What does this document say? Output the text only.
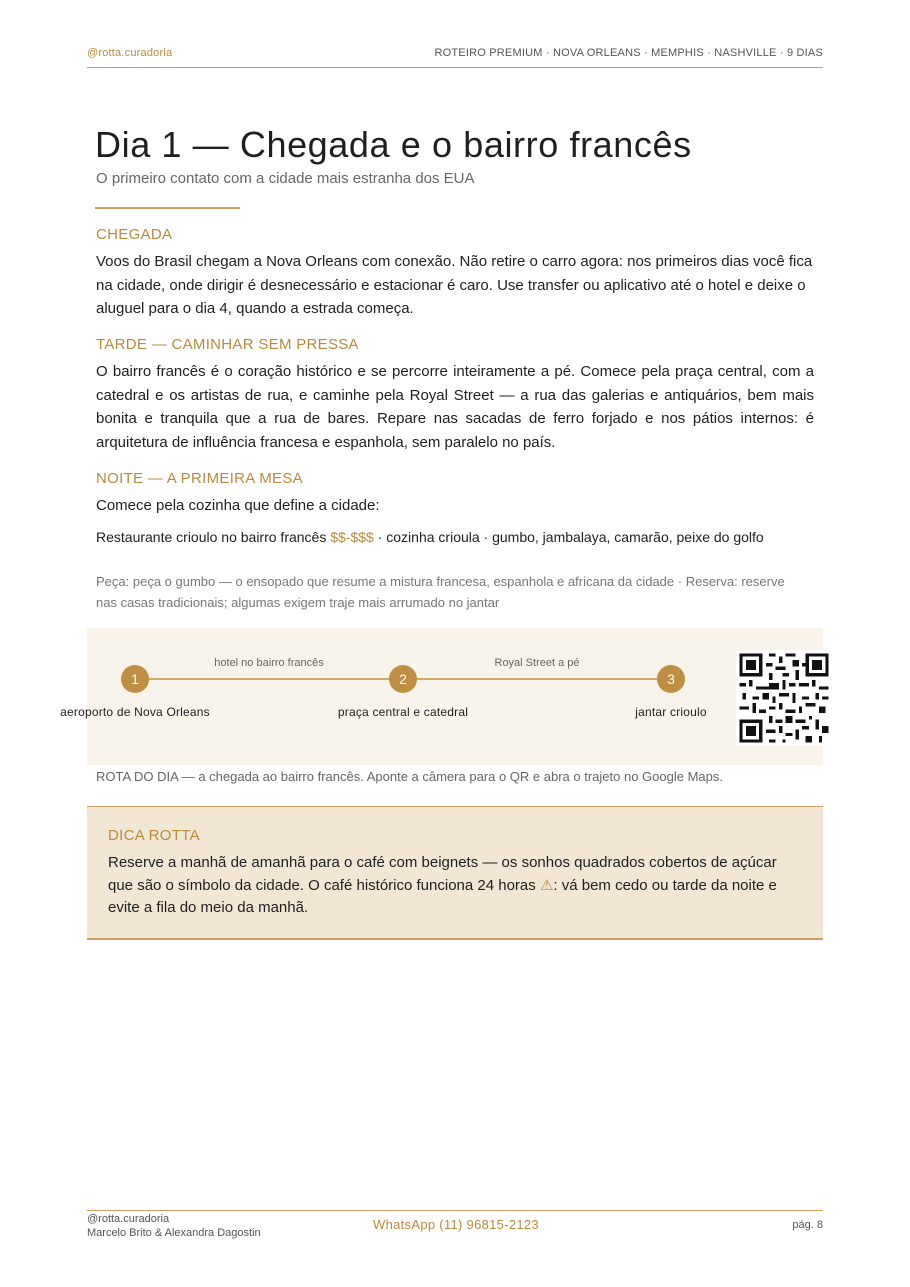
@rotta.curadoria	ROTEIRO PREMIUM · NOVA ORLEANS · MEMPHIS · NASHVILLE · 9 DIAS
Dia 1 — Chegada e o bairro francês

O primeiro contato com a cidade mais estranha dos EUA

CHEGADA

Voos do Brasil chegam a Nova Orleans com conexão. Não retire o carro agora: nos primeiros dias você fica na cidade, onde dirigir é desnecessário e estacionar é caro. Use transfer ou aplicativo até o hotel e deixe o aluguel para o dia 4, quando a estrada começa.

TARDE — CAMINHAR SEM PRESSA

O bairro francês é o coração histórico e se percorre inteiramente a pé. Comece pela praça central, com a catedral e os artistas de rua, e caminhe pela Royal Street — a rua das galerias e antiquários, bem mais bonita e tranquila que a rua de bares. Repare nas sacadas de ferro forjado e nos pátios internos: é arquitetura de influência francesa e espanhola, sem paralelo no país.

NOITE — A PRIMEIRA MESA

Comece pela cozinha que define a cidade:

Restaurante crioulo no bairro francês $$-$$$ · cozinha crioula · gumbo, jambalaya, camarão, peixe do golfo

Peça: peça o gumbo — o ensopado que resume a mistura francesa, espanhola e africana da cidade · Reserva: reserve nas casas tradicionais; algumas exigem traje mais arrumado no jantar

1	2	3
hotel no bairro francês	Royal Street a pé
aeroporto de Nova Orleans	praça central e catedral	jantar crioulo

ROTA DO DIA — a chegada ao bairro francês. Aponte a câmera para o QR e abra o trajeto no Google Maps.

DICA ROTTA

Reserve a manhã de amanhã para o café com beignets — os sonhos quadrados cobertos de açúcar que são o símbolo da cidade. O café histórico funciona 24 horas ⚠: vá bem cedo ou tarde da noite e evite a fila do meio da manhã.

@rotta.curadoria
Marcelo Brito & Alexandra Dagostin
WhatsApp (11) 96815-2123	pág. 8
